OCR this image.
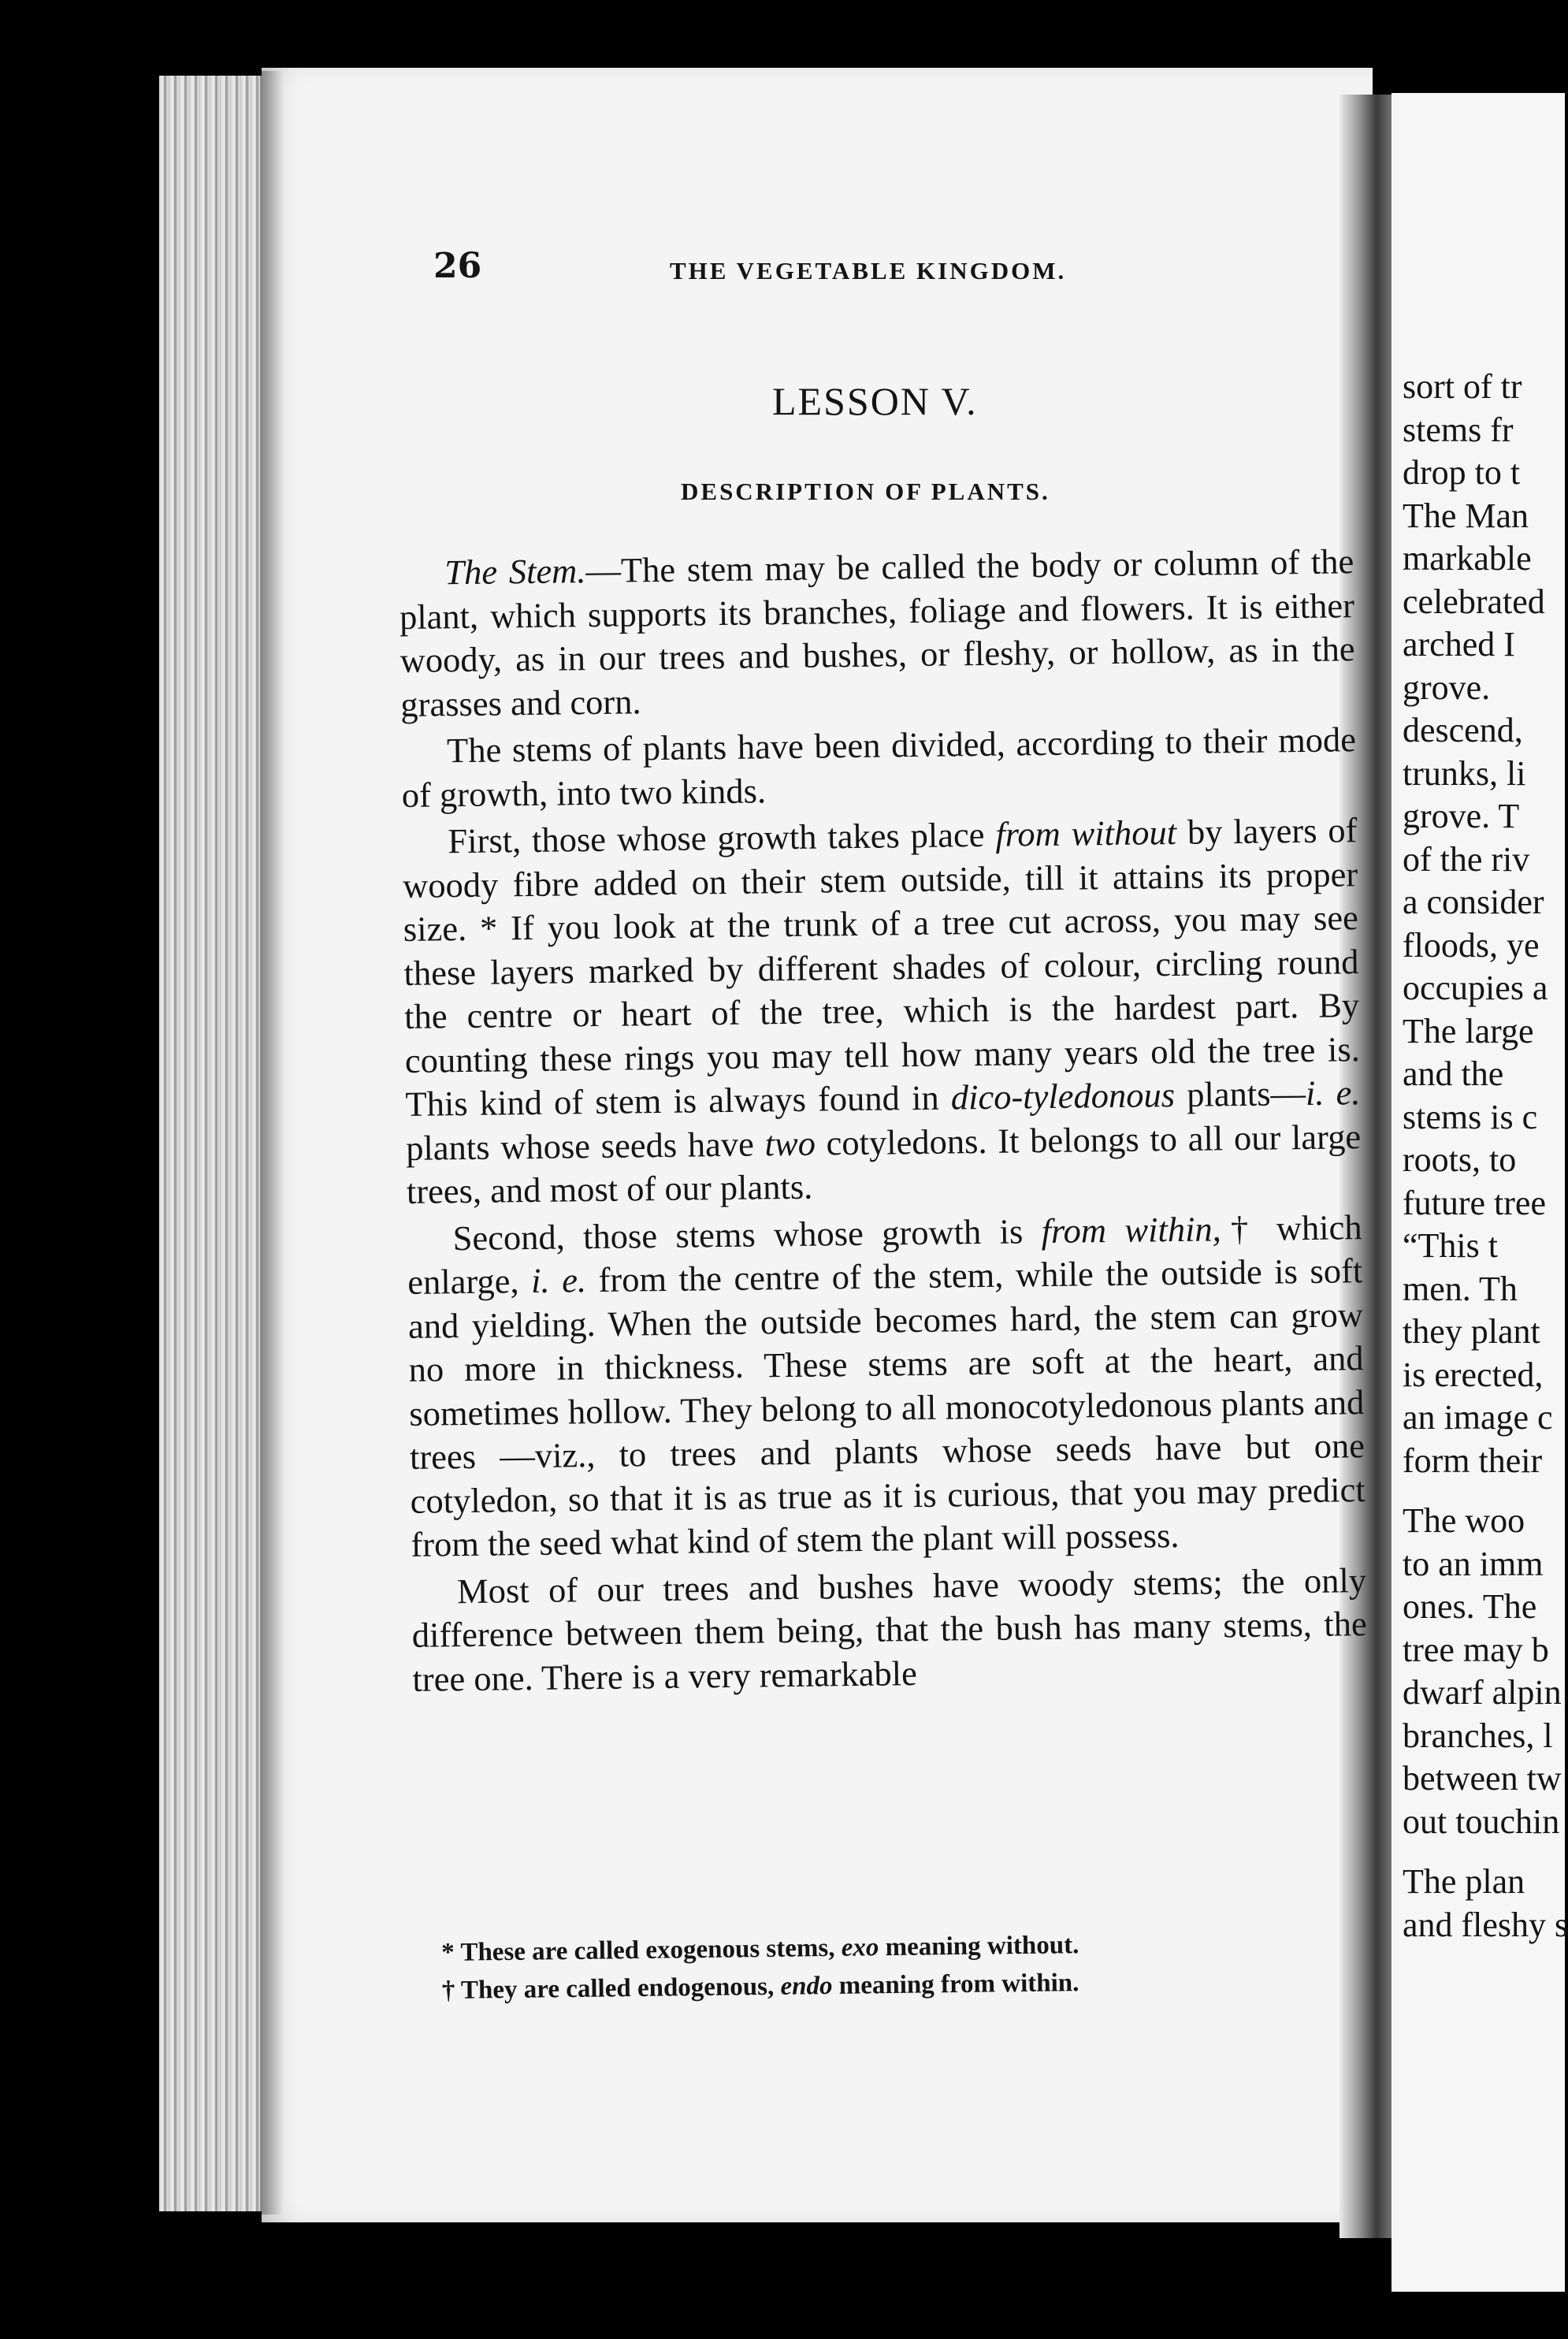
sort of tr
stems fr
drop to t
The Man
markable
celebrated
arched I
grove.
descend,
trunks, li
grove. T
of the riv
a consider
floods, ye
occupies a
The large
and the
stems is c
roots, to
future tree
“This t
men. Th
they plant
is erected,
an image c
form their
The woo
to an imm
ones. The
tree may b
dwarf alpin
branches, l
between tw
out touchin
The plan
and fleshy s
26	THE VEGETABLE KINGDOM.
LESSON V.
DESCRIPTION OF PLANTS.

The Stem.—The stem may be called the body or column of the plant, which supports its branches, foliage and flowers. It is either woody, as in our trees and bushes, or fleshy, or hollow, as in the grasses and corn.

The stems of plants have been divided, according to their mode of growth, into two kinds.

First, those whose growth takes place from without by layers of woody fibre added on their stem outside, till it attains its proper size. * If you look at the trunk of a tree cut across, you may see these layers marked by different shades of colour, circling round the centre or heart of the tree, which is the hardest part. By counting these rings you may tell how many years old the tree is. This kind of stem is always found in dico-tyledonous plants—i. e. plants whose seeds have two cotyledons. It belongs to all our large trees, and most of our plants.

Second, those stems whose growth is from within,† which enlarge, i. e. from the centre of the stem, while the outside is soft and yielding. When the outside becomes hard, the stem can grow no more in thickness. These stems are soft at the heart, and sometimes hollow. They belong to all monocotyledonous plants and trees —viz., to trees and plants whose seeds have but one cotyledon, so that it is as true as it is curious, that you may predict from the seed what kind of stem the plant will possess.

Most of our trees and bushes have woody stems; the only difference between them being, that the bush has many stems, the tree one. There is a very remarkable

* These are called exogenous stems, exo meaning without.
† They are called endogenous, endo meaning from within.
